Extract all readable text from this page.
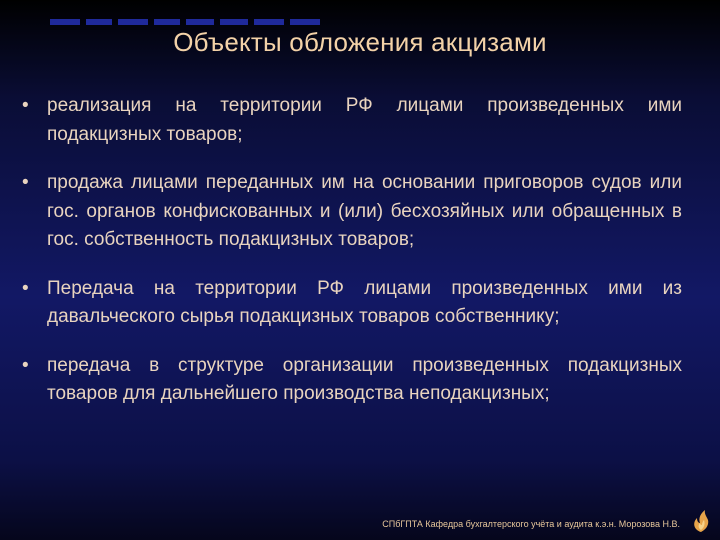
Объекты обложения акцизами
• реализация на территории РФ лицами произведенных ими подакцизных товаров;
• продажа лицами переданных им на основании приговоров судов или гос. органов конфискованных и (или) бесхозяйных или обращенных в гос. собственность подакцизных товаров;
• Передача на территории РФ лицами произведенных ими из давальческого сырья подакцизных товаров собственнику;
• передача в структуре организации произведенных подакцизных товаров для дальнейшего производства неподакцизных;
СПбГПТА Кафедра бухгалтерского учёта и аудита к.э.н. Морозова Н.В.
